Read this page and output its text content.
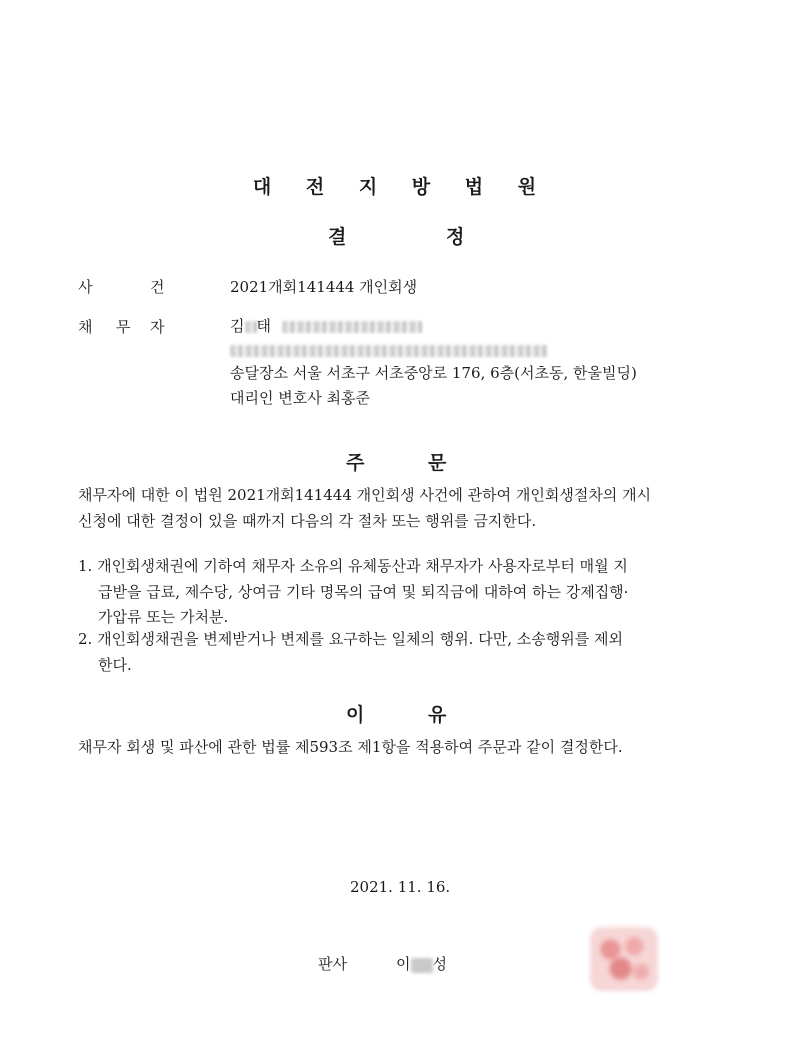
대 전 지 방 법 원
결	정
사	건	2021개회141444 개인회생
채 무 자	김 태
송달장소 서울 서초구 서초중앙로 176, 6층(서초동, 한울빌딩)
대리인 변호사 최홍준
주	문
채무자에 대한 이 법원 2021개회141444 개인회생 사건에 관하여 개인회생절차의 개시
신청에 대한 결정이 있을 때까지 다음의 각 절차 또는 행위를 금지한다.
1. 개인회생채권에 기하여 채무자 소유의 유체동산과 채무자가 사용자로부터 매월 지
급받을 급료, 제수당, 상여금 기타 명목의 급여 및 퇴직금에 대하여 하는 강제집행·
가압류 또는 가처분.
2. 개인회생채권을 변제받거나 변제를 요구하는 일체의 행위. 다만, 소송행위를 제외
한다.
이	유
채무자 회생 및 파산에 관한 법률 제593조 제1항을 적용하여 주문과 같이 결정한다.
2021. 11. 16.
판사	이 성
